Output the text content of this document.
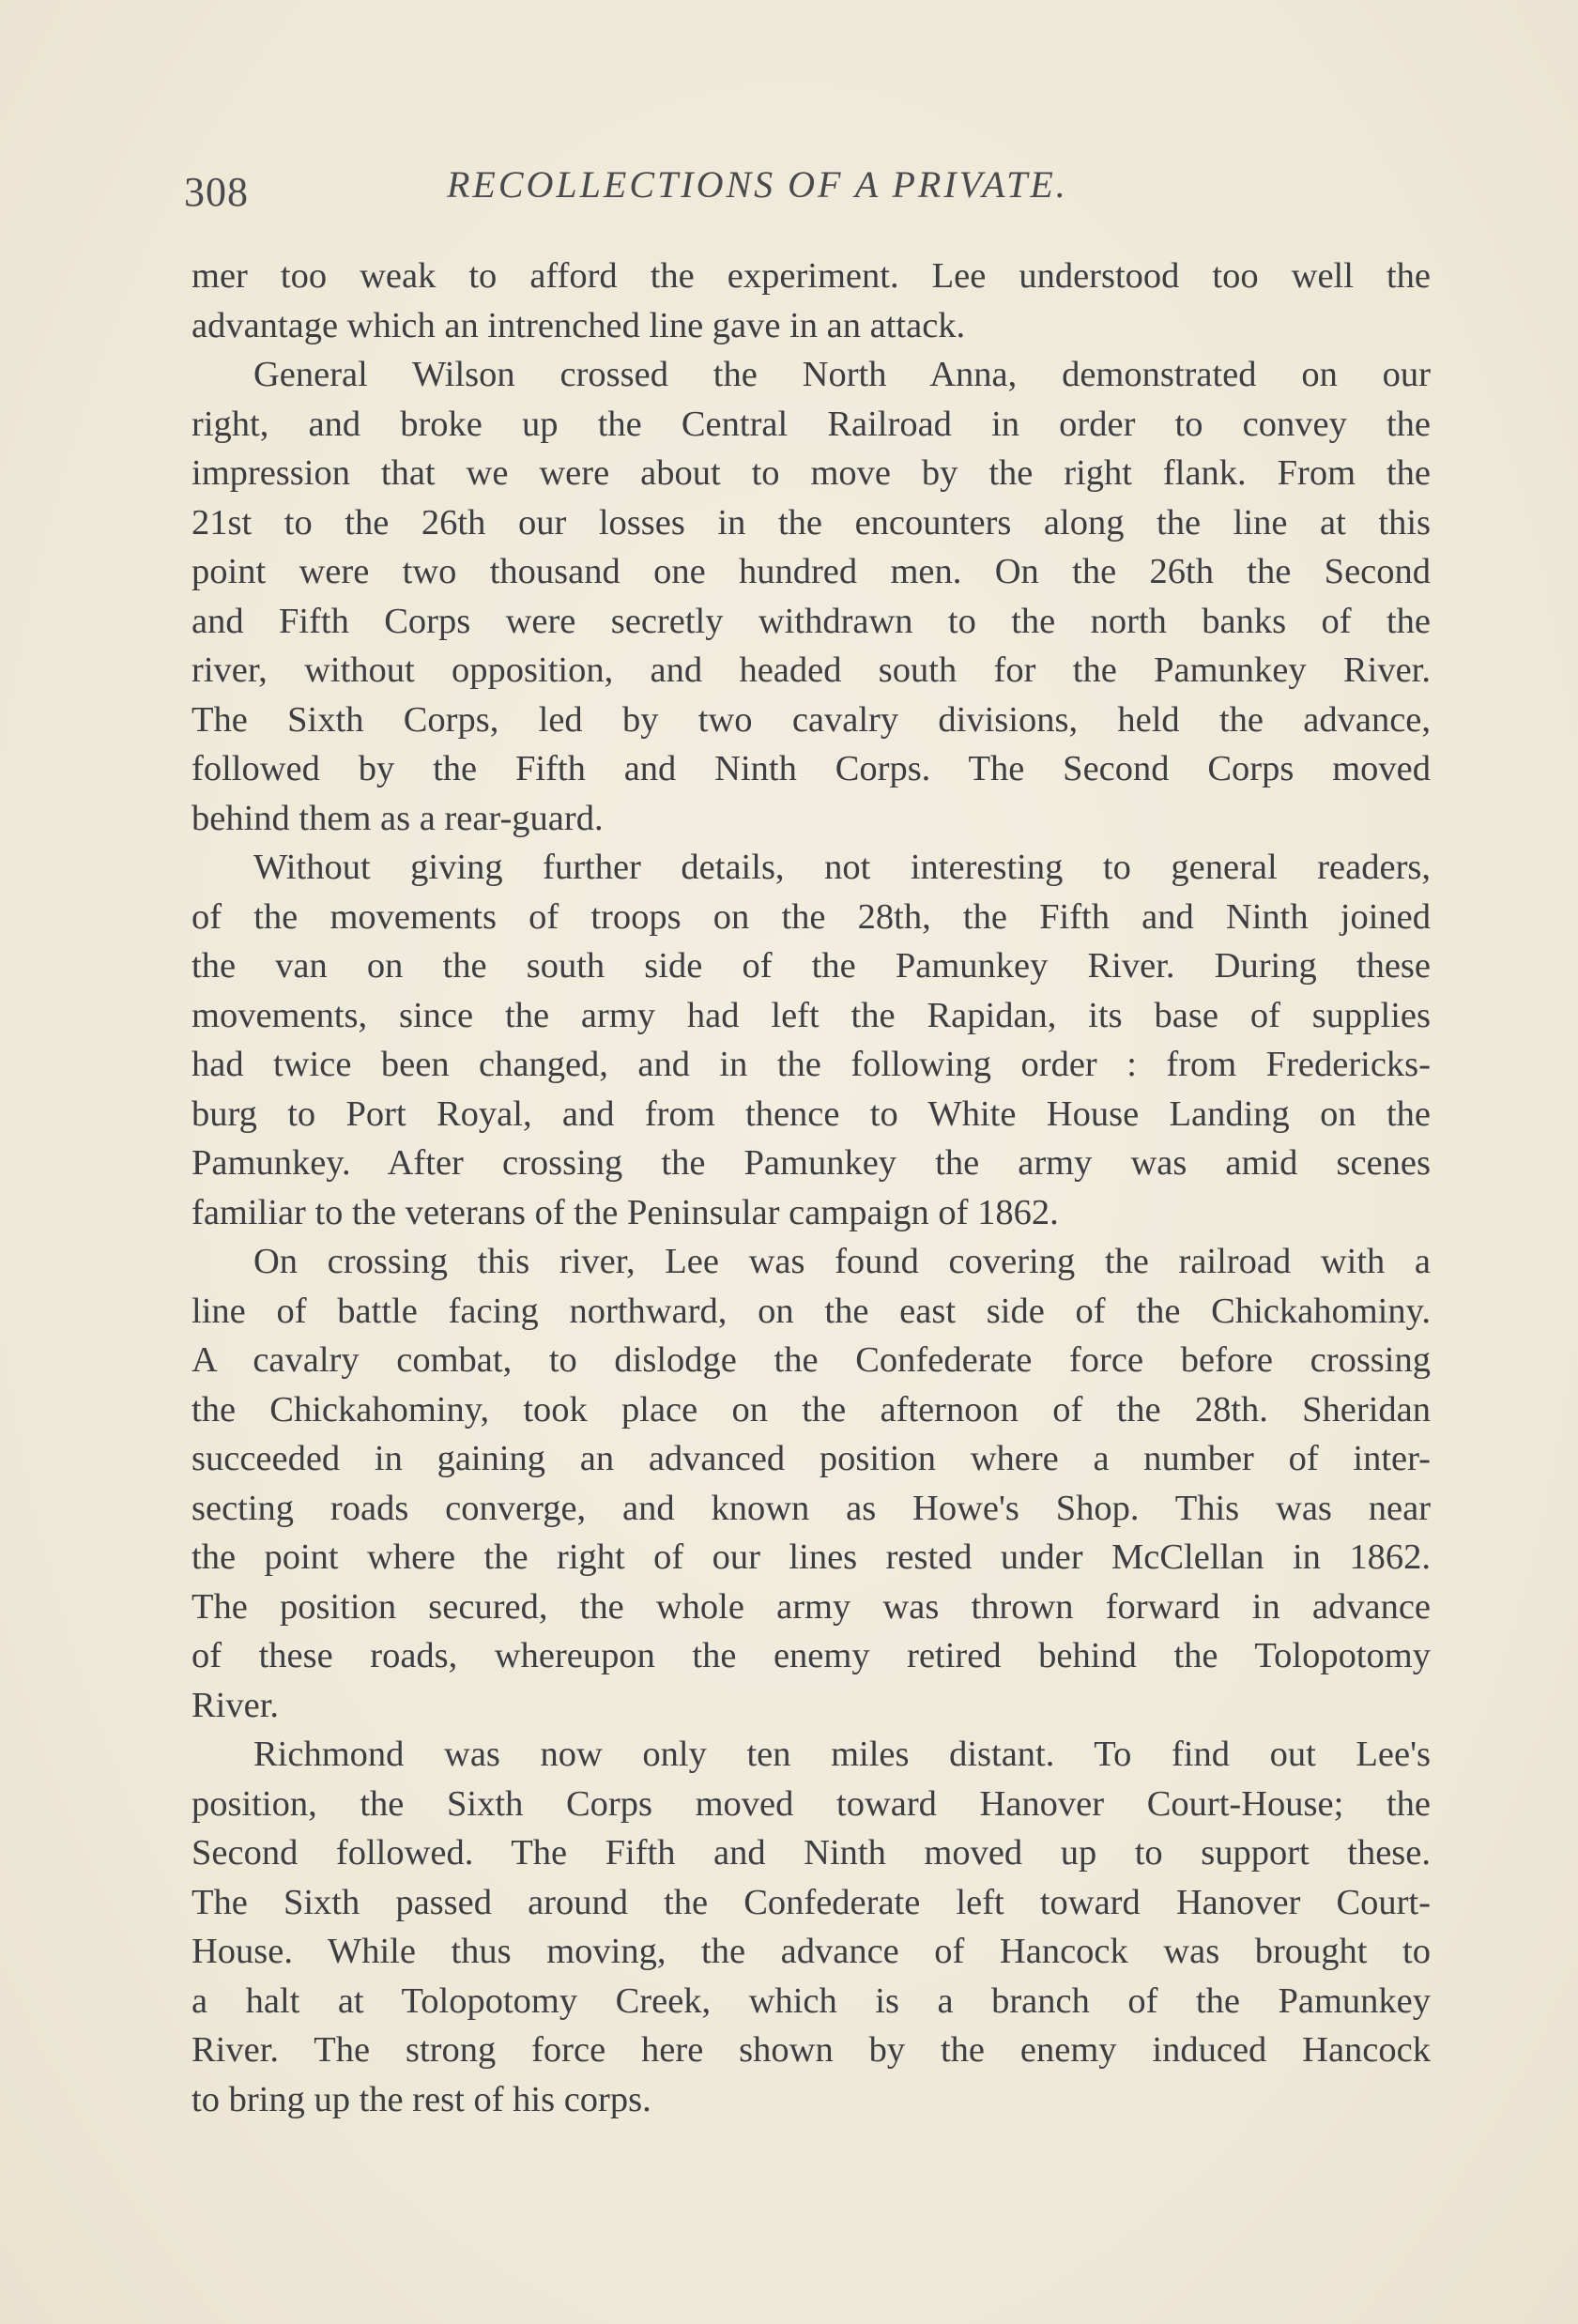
308	RECOLLECTIONS OF A PRIVATE.
mer too weak to afford the experiment. Lee understood too well the
advantage which an intrenched line gave in an attack.
General Wilson crossed the North Anna, demonstrated on our
right, and broke up the Central Railroad in order to convey the
impression that we were about to move by the right flank. From the
21st to the 26th our losses in the encounters along the line at this
point were two thousand one hundred men. On the 26th the Second
and Fifth Corps were secretly withdrawn to the north banks of the
river, without opposition, and headed south for the Pamunkey River.
The Sixth Corps, led by two cavalry divisions, held the advance,
followed by the Fifth and Ninth Corps. The Second Corps moved
behind them as a rear-guard.
Without giving further details, not interesting to general readers,
of the movements of troops on the 28th, the Fifth and Ninth joined
the van on the south side of the Pamunkey River. During these
movements, since the army had left the Rapidan, its base of supplies
had twice been changed, and in the following order : from Fredericks-
burg to Port Royal, and from thence to White House Landing on the
Pamunkey. After crossing the Pamunkey the army was amid scenes
familiar to the veterans of the Peninsular campaign of 1862.
On crossing this river, Lee was found covering the railroad with a
line of battle facing northward, on the east side of the Chickahominy.
A cavalry combat, to dislodge the Confederate force before crossing
the Chickahominy, took place on the afternoon of the 28th. Sheridan
succeeded in gaining an advanced position where a number of inter-
secting roads converge, and known as Howe's Shop. This was near
the point where the right of our lines rested under McClellan in 1862.
The position secured, the whole army was thrown forward in advance
of these roads, whereupon the enemy retired behind the Tolopotomy
River.
Richmond was now only ten miles distant. To find out Lee's
position, the Sixth Corps moved toward Hanover Court-House; the
Second followed. The Fifth and Ninth moved up to support these.
The Sixth passed around the Confederate left toward Hanover Court-
House. While thus moving, the advance of Hancock was brought to
a halt at Tolopotomy Creek, which is a branch of the Pamunkey
River. The strong force here shown by the enemy induced Hancock
to bring up the rest of his corps.
